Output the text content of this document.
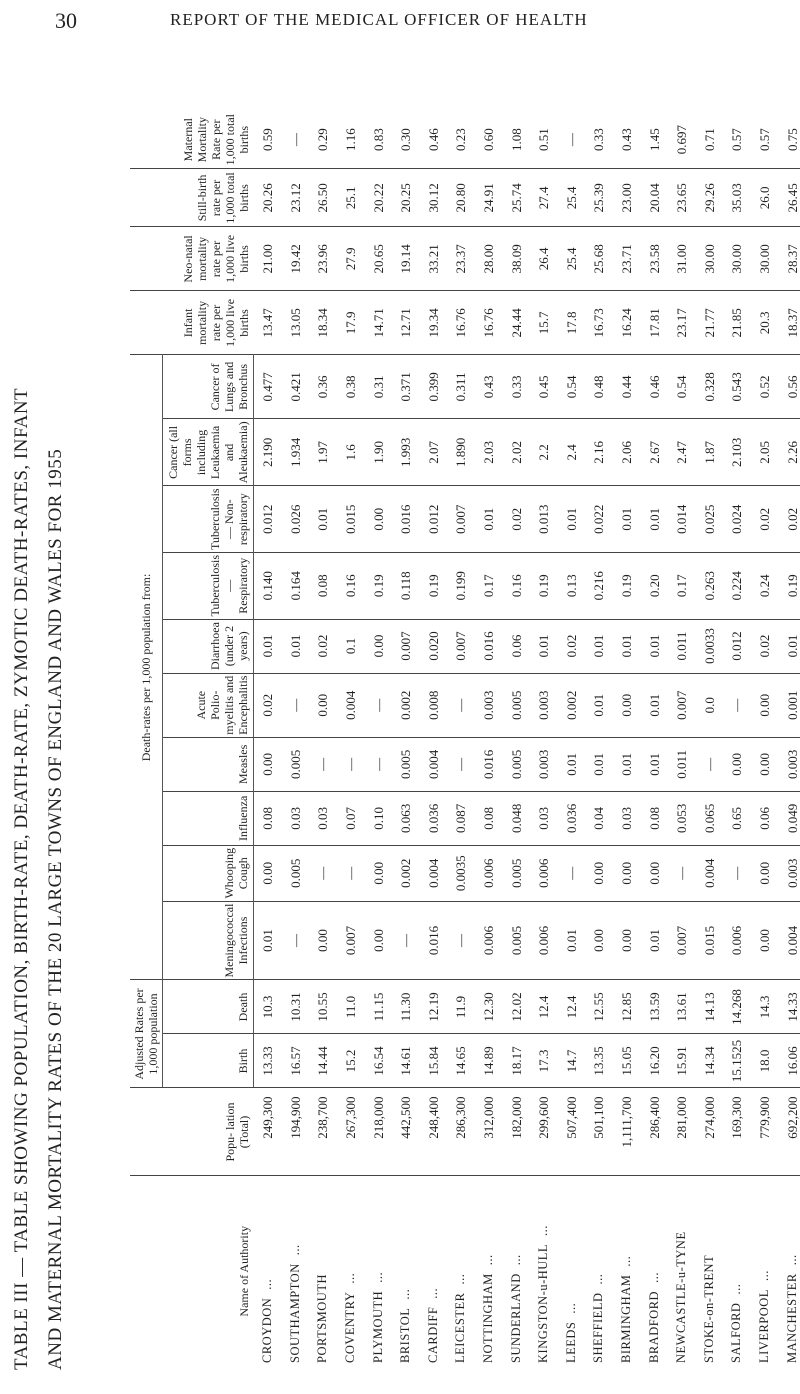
30	REPORT OF THE MEDICAL OFFICER OF HEALTH
TABLE III — TABLE SHOWING POPULATION, BIRTH-RATE, DEATH-RATE, ZYMOTIC DEATH-RATES, INFANT AND MATERNAL MORTALITY RATES OF THE 20 LARGE TOWNS OF ENGLAND AND WALES FOR 1955	Name of Authority	Popu- lation (Total)	Adjusted Rates per 1,000 population		Death-rates per 1,000 population from:										Infant mortality rate per 1,000 live births	Neo-natal mortality rate per 1,000 live births	Still-birth rate per 1,000 total births	Maternal Mortality Rate per 1,000 total births
		Birth	Death	Meningococcal Infections	Whooping Cough	Influenza	Measles	Acute Polio- myelitis and Encephalitis	Diarrhoea (under 2 years)	Tuberculosis— Respiratory	Tuberculosis— Non-respiratory	Cancer (all forms including Leukaemia and Aleukaemia)	Cancer of Lungs and Bronchus				
CROYDON...	249,300	13.33	10.3	0.01	0.00	0.08	0.00	0.02	0.01	0.140	0.012	2.190	0.477	13.47	21.00	20.26	0.59
SOUTHAMPTON...	194,900	16.57	10.31	—	0.005	0.03	0.005	—	0.01	0.164	0.026	1.934	0.421	13.05	19.42	23.12	—
PORTSMOUTH	238,700	14.44	10.55	0.00	—	0.03	—	0.00	0.02	0.08	0.01	1.97	0.36	18.34	23.96	26.50	0.29
COVENTRY...	267,300	15.2	11.0	0.007	—	0.07	—	0.004	0.1	0.16	0.015	1.6	0.38	17.9	27.9	25.1	1.16
PLYMOUTH...	218,000	16.54	11.15	0.00	0.00	0.10	—	—	0.00	0.19	0.00	1.90	0.31	14.71	20.65	20.22	0.83
BRISTOL...	442,500	14.61	11.30	—	0.002	0.063	0.005	0.002	0.007	0.118	0.016	1.993	0.371	12.71	19.14	20.25	0.30
CARDIFF...	248,400	15.84	12.19	0.016	0.004	0.036	0.004	0.008	0.020	0.19	0.012	2.07	0.399	19.34	33.21	30.12	0.46
LEICESTER...	286,300	14.65	11.9	—	0.0035	0.087	—	—	0.007	0.199	0.007	1.890	0.311	16.76	23.37	20.80	0.23
NOTTINGHAM...	312,000	14.89	12.30	0.006	0.006	0.08	0.016	0.003	0.016	0.17	0.01	2.03	0.43	16.76	28.00	24.91	0.60
SUNDERLAND...	182,000	18.17	12.02	0.005	0.005	0.048	0.005	0.005	0.06	0.16	0.02	2.02	0.33	24.44	38.09	25.74	1.08
KINGSTON-u-HULL...	299,600	17.3	12.4	0.006	0.006	0.03	0.003	0.003	0.01	0.19	0.013	2.2	0.45	15.7	26.4	27.4	0.51
LEEDS...	507,400	14.7	12.4	0.01	—	0.036	0.01	0.002	0.02	0.13	0.01	2.4	0.54	17.8	25.4	25.4	—
SHEFFIELD...	501,100	13.35	12.55	0.00	0.00	0.04	0.01	0.01	0.01	0.216	0.022	2.16	0.48	16.73	25.68	25.39	0.33
BIRMINGHAM...	1,111,700	15.05	12.85	0.00	0.00	0.03	0.01	0.00	0.01	0.19	0.01	2.06	0.44	16.24	23.71	23.00	0.43
BRADFORD...	286,400	16.20	13.59	0.01	0.00	0.08	0.01	0.01	0.01	0.20	0.01	2.67	0.46	17.81	23.58	20.04	1.45
NEWCASTLE-u-TYNE	281,000	15.91	13.61	0.007	—	0.053	0.011	0.007	0.011	0.17	0.014	2.47	0.54	23.17	31.00	23.65	0.697
STOKE-on-TRENT	274,000	14.34	14.13	0.015	0.004	0.065	—	0.0	0.0033	0.263	0.025	1.87	0.328	21.77	30.00	29.26	0.71
SALFORD...	169,300	15.1525	14.268	0.006	—	0.65	0.00	—	0.012	0.224	0.024	2.103	0.543	21.85	30.00	35.03	0.57
LIVERPOOL...	779,900	18.0	14.3	0.00	0.00	0.06	0.00	0.00	0.02	0.24	0.02	2.05	0.52	20.3	30.00	26.0	0.57
MANCHESTER...	692,200	16.06	14.33	0.004	0.003	0.049	0.003	0.001	0.01	0.19	0.02	2.26	0.56	18.37	28.37	26.45	0.75
